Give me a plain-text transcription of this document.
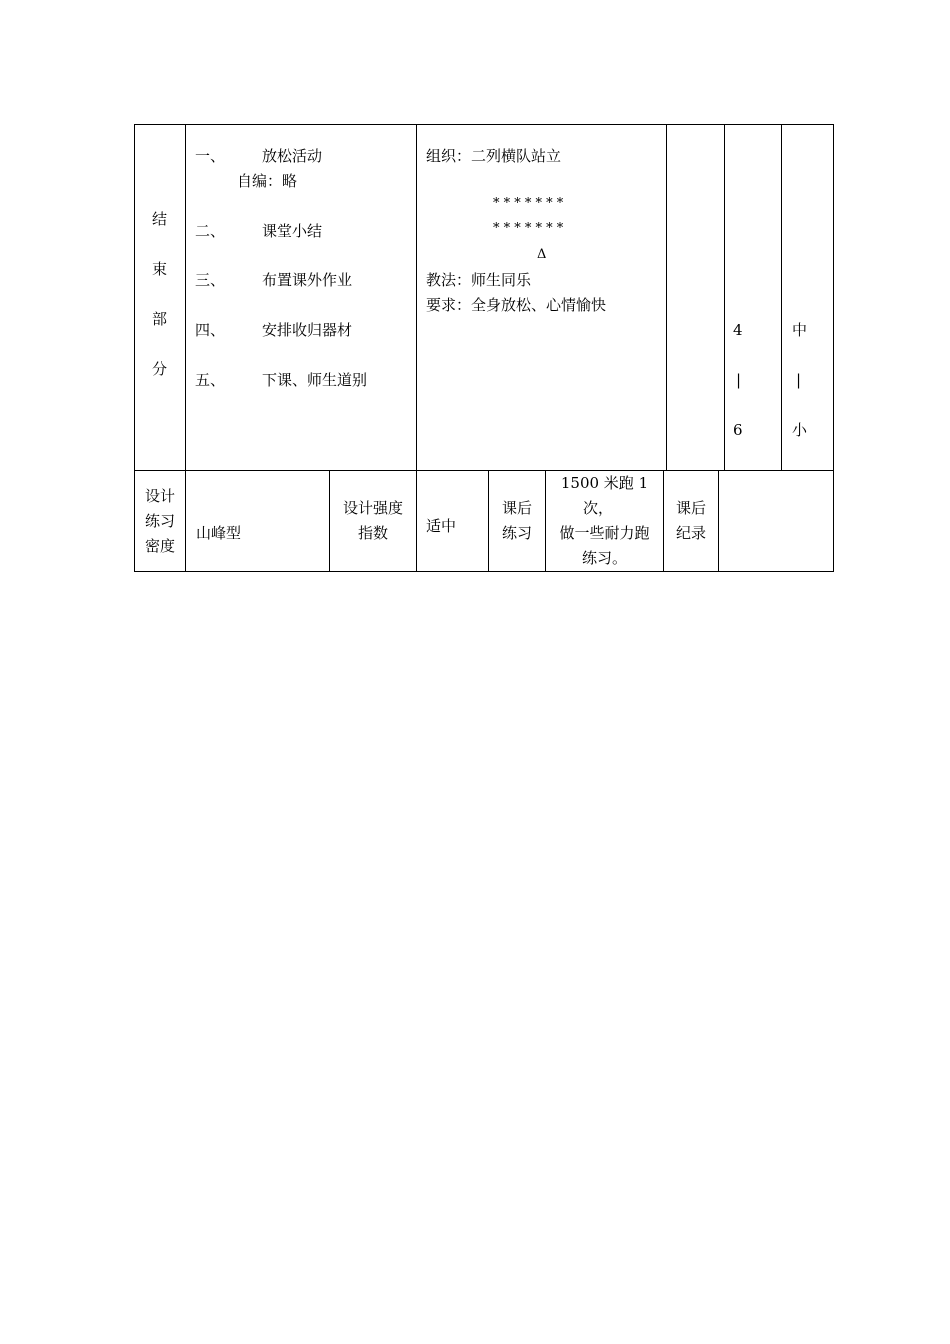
结
束
部
分
一、 放松活动
自编：略
二、 课堂小结
三、 布置课外作业
四、 安排收归器材
五、 下课、师生道别
组织：二列横队站立
* * * * * * *
* * * * * * *
Δ
教法：师生同乐
要求：全身放松、心情愉快
4
|
6
中
|
小
设计
练习
密度
山峰型
设计强度
指数	适中
课后
练习
1500 米跑 1
次，
做一些耐力跑
练习。
课后
纪录
